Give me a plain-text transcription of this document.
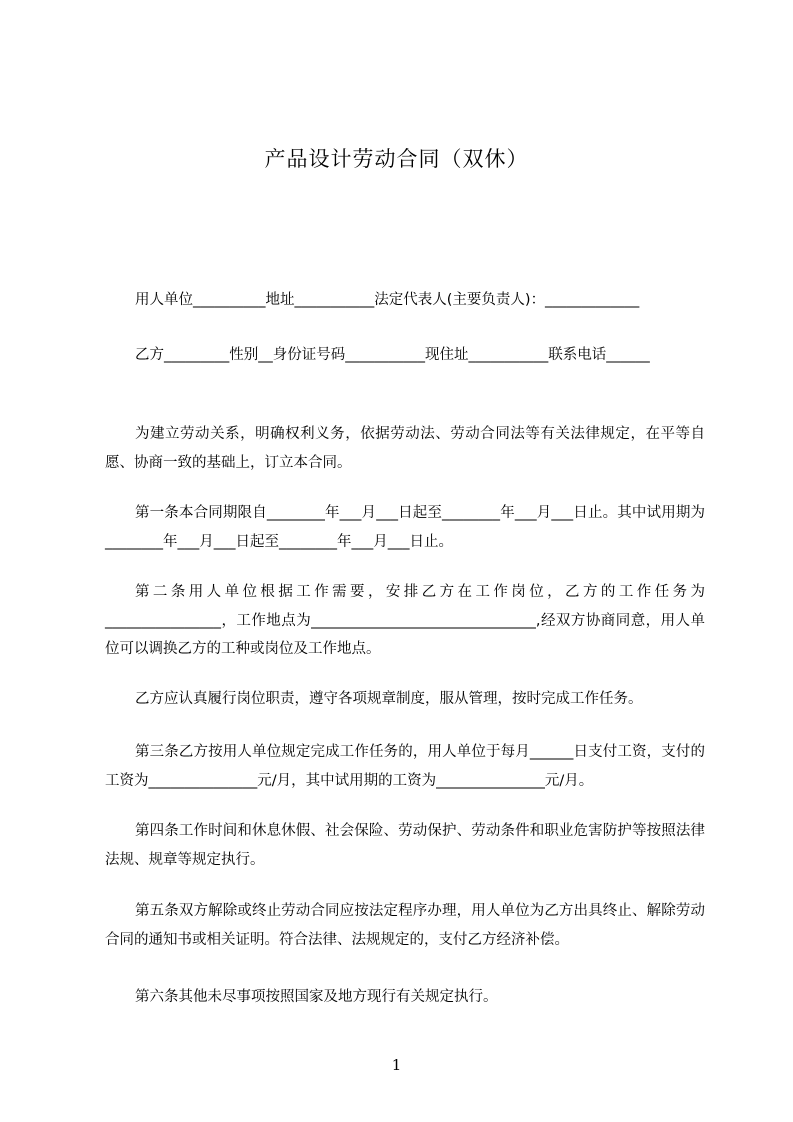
产品设计劳动合同（双休）
用人单位__________地址___________法定代表人(主要负责人)：_____________
乙方_________性别__身份证号码___________现住址___________联系电话______
为建立劳动关系，明确权利义务，依据劳动法、劳动合同法等有关法律规定，在平等自愿、协商一致的基础上，订立本合同。
第一条本合同期限自________年___月___日起至________年___月___日止。其中试用期为________年___月___日起至________年___月___日止。
第二条用人单位根据工作需要，安排乙方在工作岗位，乙方的工作任务为________________，工作地点为_______________________________,经双方协商同意，用人单位可以调换乙方的工种或岗位及工作地点。
乙方应认真履行岗位职责，遵守各项规章制度，服从管理，按时完成工作任务。
第三条乙方按用人单位规定完成工作任务的，用人单位于每月______日支付工资，支付的工资为_______________元/月，其中试用期的工资为_______________元/月。
第四条工作时间和休息休假、社会保险、劳动保护、劳动条件和职业危害防护等按照法律法规、规章等规定执行。
第五条双方解除或终止劳动合同应按法定程序办理，用人单位为乙方出具终止、解除劳动合同的通知书或相关证明。符合法律、法规规定的，支付乙方经济补偿。
第六条其他未尽事项按照国家及地方现行有关规定执行。
1
